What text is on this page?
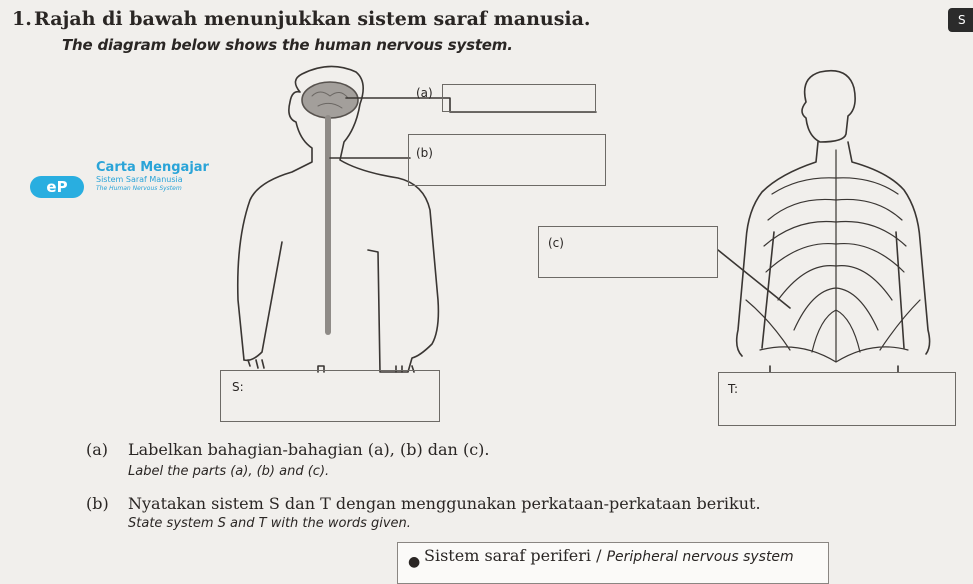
1. Rajah di bawah menunjukkan sistem saraf manusia.
The diagram below shows the human nervous system.
S
eP
Carta Mengajar
Sistem Saraf Manusia
The Human Nervous System
(a)
(b)
(c)
S:	T:
(a) Labelkan bahagian-bahagian (a), (b) dan (c).
Label the parts (a), (b) and (c).
(b) Nyatakan sistem S dan T dengan menggunakan perkataan-perkataan berikut.
State system S and T with the words given.
● Sistem saraf periferi / Peripheral nervous system
